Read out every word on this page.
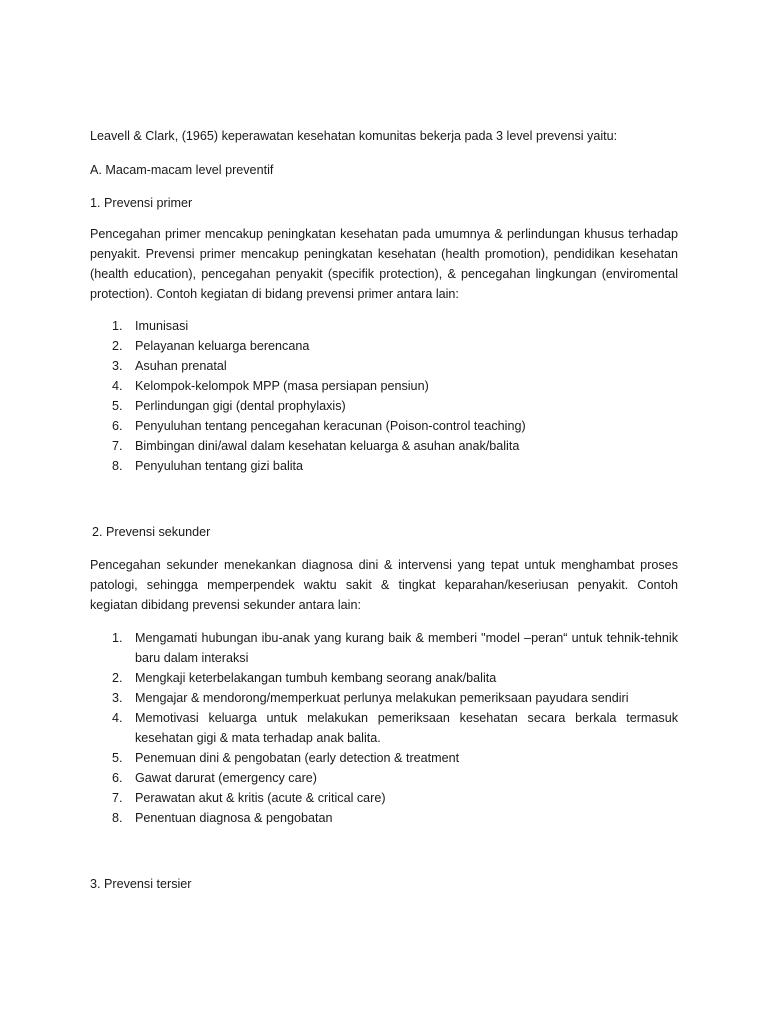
Leavell & Clark, (1965) keperawatan kesehatan komunitas bekerja pada 3 level prevensi yaitu:
A. Macam-macam level preventif
1. Prevensi primer
Pencegahan primer mencakup peningkatan kesehatan pada umumnya & perlindungan khusus terhadap penyakit. Prevensi primer mencakup peningkatan kesehatan (health promotion), pendidikan kesehatan (health education), pencegahan penyakit (specifik protection), & pencegahan lingkungan (enviromental protection). Contoh kegiatan di bidang prevensi primer antara lain:
1. Imunisasi
2. Pelayanan keluarga berencana
3. Asuhan prenatal
4. Kelompok-kelompok MPP (masa persiapan pensiun)
5. Perlindungan gigi (dental prophylaxis)
6. Penyuluhan tentang pencegahan keracunan (Poison-control teaching)
7. Bimbingan dini/awal dalam kesehatan keluarga & asuhan anak/balita
8. Penyuluhan tentang gizi balita
2. Prevensi sekunder
Pencegahan sekunder menekankan diagnosa dini & intervensi yang tepat untuk menghambat proses patologi, sehingga memperpendek waktu sakit & tingkat keparahan/keseriusan penyakit. Contoh kegiatan dibidang prevensi sekunder antara lain:
1. Mengamati hubungan ibu-anak yang kurang baik & memberi "model –peran“ untuk tehnik-tehnik baru dalam interaksi
2. Mengkaji keterbelakangan tumbuh kembang seorang anak/balita
3. Mengajar & mendorong/memperkuat perlunya melakukan pemeriksaan payudara sendiri
4. Memotivasi keluarga untuk melakukan pemeriksaan kesehatan secara berkala termasuk kesehatan gigi & mata terhadap anak balita.
5. Penemuan dini & pengobatan (early detection & treatment
6. Gawat darurat (emergency care)
7. Perawatan akut & kritis (acute & critical care)
8. Penentuan diagnosa & pengobatan
3. Prevensi tersier
